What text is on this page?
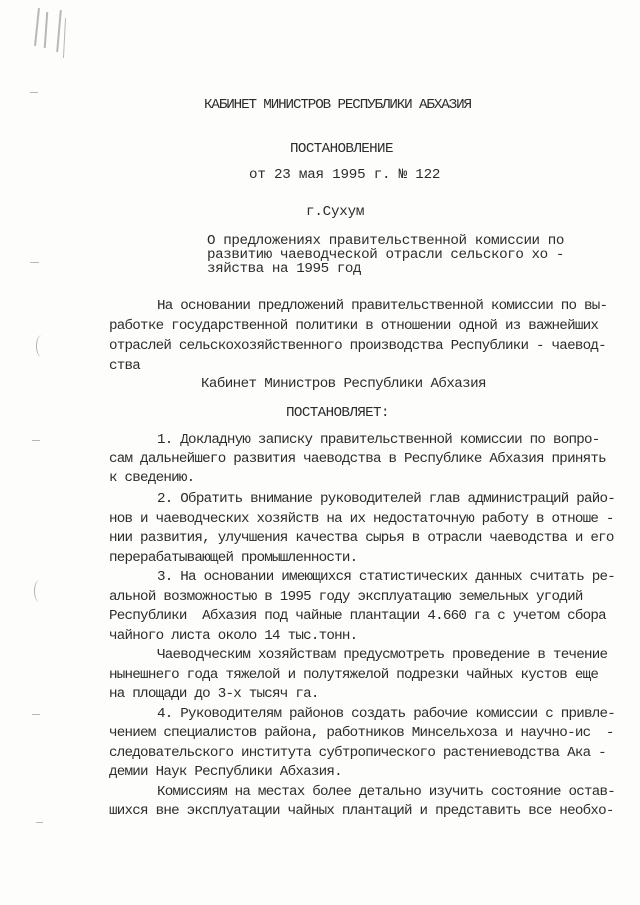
КАБИНЕТ МИНИСТРОВ РЕСПУБЛИКИ АБХАЗИЯ
ПОСТАНОВЛЕНИЕ
от 23 мая 1995 г. № 122
г.Сухум
О предложениях правительственной комиссии по
развитию чаеводческой отрасли сельского хо -
зяйства на 1995 год
На основании предложений правительственной комиссии по вы-
работке государственной политики в отношении одной из важнейших
отраслей сельскохозяйственного производства Республики - чаевод-
ства
Кабинет Министров Республики Абхазия
ПОСТАНОВЛЯЕТ:
1. Докладную записку правительственной комиссии по вопро-
сам дальнейшего развития чаеводства в Республике Абхазия принять
к сведению.
2. Обратить внимание руководителей глав администраций райо-
нов и чаеводческих хозяйств на их недостаточную работу в отноше -
нии развития, улучшения качества сырья в отрасли чаеводства и его
перерабатывающей промышленности.
3. На основании имеющихся статистических данных считать ре-
альной возможностью в 1995 году эксплуатацию земельных угодий
Республики  Абхазия под чайные плантации 4.660 га с учетом сбора
чайного листа около 14 тыс.тонн.
Чаеводческим хозяйствам предусмотреть проведение в течение
нынешнего года тяжелой и полутяжелой подрезки чайных кустов еще
на площади до 3-х тысяч га.
4. Руководителям районов создать рабочие комиссии с привле-
чением специалистов района, работников Минсельхоза и научно-ис  -
следовательского института субтропического растениеводства Ака -
демии Наук Республики Абхазия.
Комиссиям на местах более детально изучить состояние остав-
шихся вне эксплуатации чайных плантаций и представить все необхо-
